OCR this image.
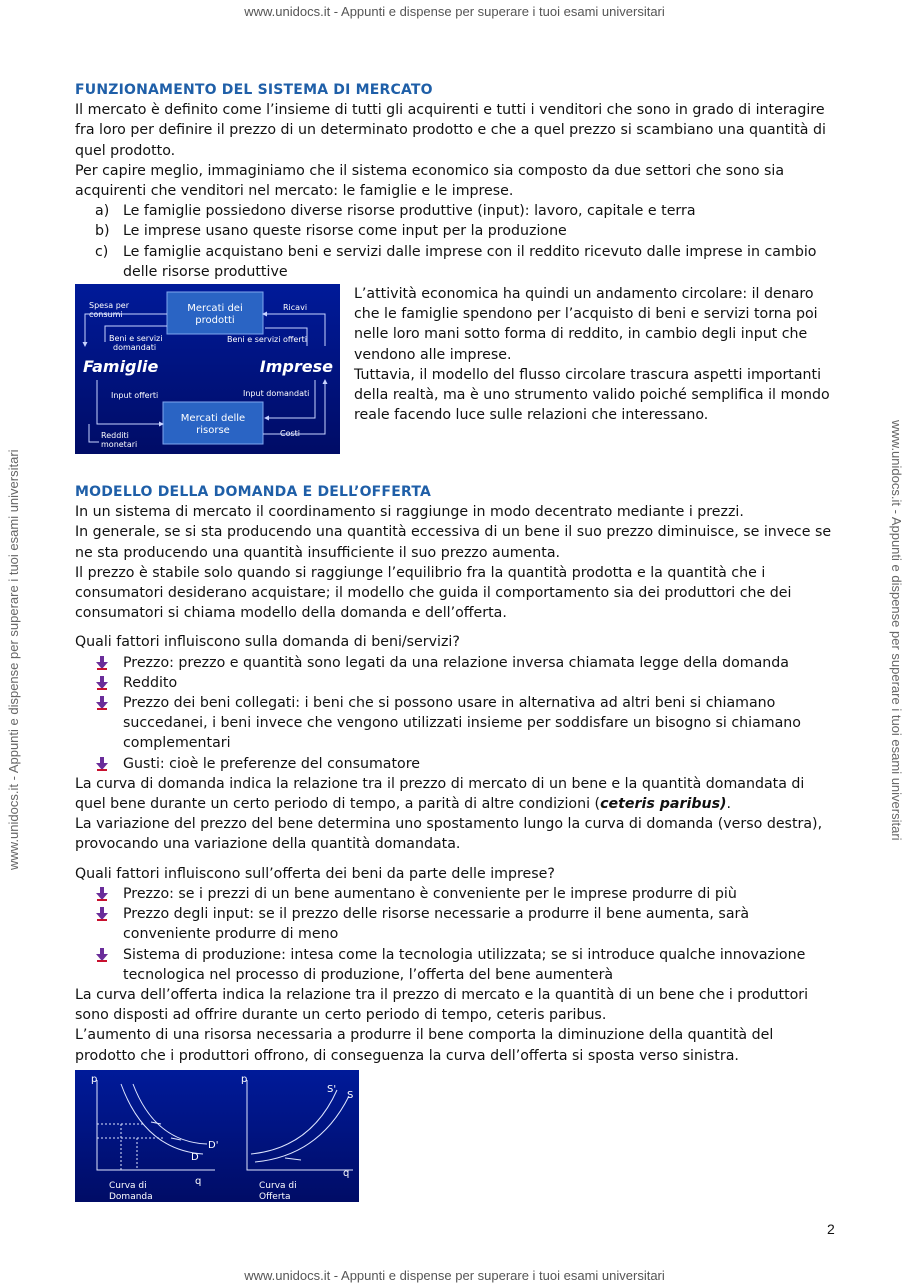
www.unidocs.it - Appunti e dispense per superare i tuoi esami universitari
www.unidocs.it - Appunti e dispense per superare i tuoi esami universitari
www.unidocs.it - Appunti e dispense per superare i tuoi esami universitari	www.unidocs.it - Appunti e dispense per superare i tuoi esami universitari
FUNZIONAMENTO DEL SISTEMA DI MERCATO

Il mercato è definito come l’insieme di tutti gli acquirenti e tutti i venditori che sono in grado di interagire fra loro per definire il prezzo di un determinato prodotto e che a quel prezzo si scambiano una quantità di quel prodotto.

Per capire meglio, immaginiamo che il sistema economico sia composto da due settori che sono sia acquirenti che venditori nel mercato: le famiglie e le imprese.

a) Le famiglie possiedono diverse risorse produttive (input): lavoro, capitale e terra
b) Le imprese usano queste risorse come input per la produzione
c) Le famiglie acquistano beni e servizi dalle imprese con il reddito ricevuto dalle imprese in cambio delle risorse produttive
Mercati dei
prodotti
Mercati delle
risorse
Famiglie	Imprese
Spesa per
consumi
Ricavi
Beni e servizi
domandati
Beni e servizi offerti
Input offerti	Input domandati
Redditi
monetari
Costi

L’attività economica ha quindi un andamento circolare: il denaro che le famiglie spendono per l’acquisto di beni e servizi torna poi nelle loro mani sotto forma di reddito, in cambio degli input che vendono alle imprese.

Tuttavia, il modello del flusso circolare trascura aspetti importanti della realtà, ma è uno strumento valido poiché semplifica il mondo reale facendo luce sulle relazioni che interessano.

MODELLO DELLA DOMANDA E DELL’OFFERTA

In un sistema di mercato il coordinamento si raggiunge in modo decentrato mediante i prezzi.

In generale, se si sta producendo una quantità eccessiva di un bene il suo prezzo diminuisce, se invece se ne sta producendo una quantità insufficiente il suo prezzo aumenta.

Il prezzo è stabile solo quando si raggiunge l’equilibrio fra la quantità prodotta e la quantità che i consumatori desiderano acquistare; il modello che guida il comportamento sia dei produttori che dei consumatori si chiama modello della domanda e dell’offerta.

Quali fattori influiscono sulla domanda di beni/servizi?

Prezzo: prezzo e quantità sono legati da una relazione inversa chiamata legge della domanda
Reddito
Prezzo dei beni collegati: i beni che si possono usare in alternativa ad altri beni si chiamano succedanei, i beni invece che vengono utilizzati insieme per soddisfare un bisogno si chiamano complementari
Gusti: cioè le preferenze del consumatore

La curva di domanda indica la relazione tra il prezzo di mercato di un bene e la quantità domandata di quel bene durante un certo periodo di tempo, a parità di altre condizioni (ceteris paribus).

La variazione del prezzo del bene determina uno spostamento lungo la curva di domanda (verso destra), provocando una variazione della quantità domandata.

Quali fattori influiscono sull’offerta dei beni da parte delle imprese?

Prezzo: se i prezzi di un bene aumentano è conveniente per le imprese produrre di più
Prezzo degli input: se il prezzo delle risorse necessarie a produrre il bene aumenta, sarà conveniente produrre di meno
Sistema di produzione: intesa come la tecnologia utilizzata; se si introduce qualche innovazione tecnologica nel processo di produzione, l’offerta del bene aumenterà

La curva dell’offerta indica la relazione tra il prezzo di mercato e la quantità di un bene che i produttori sono disposti ad offrire durante un certo periodo di tempo, ceteris paribus.

L’aumento di una risorsa necessaria a produrre il bene comporta la diminuzione della quantità del prodotto che i produttori offrono, di conseguenza la curva dell’offerta si sposta verso sinistra.

p
q
D
D'
Curva di
Domanda
p
q
S'
S
Curva di
Offerta
2
